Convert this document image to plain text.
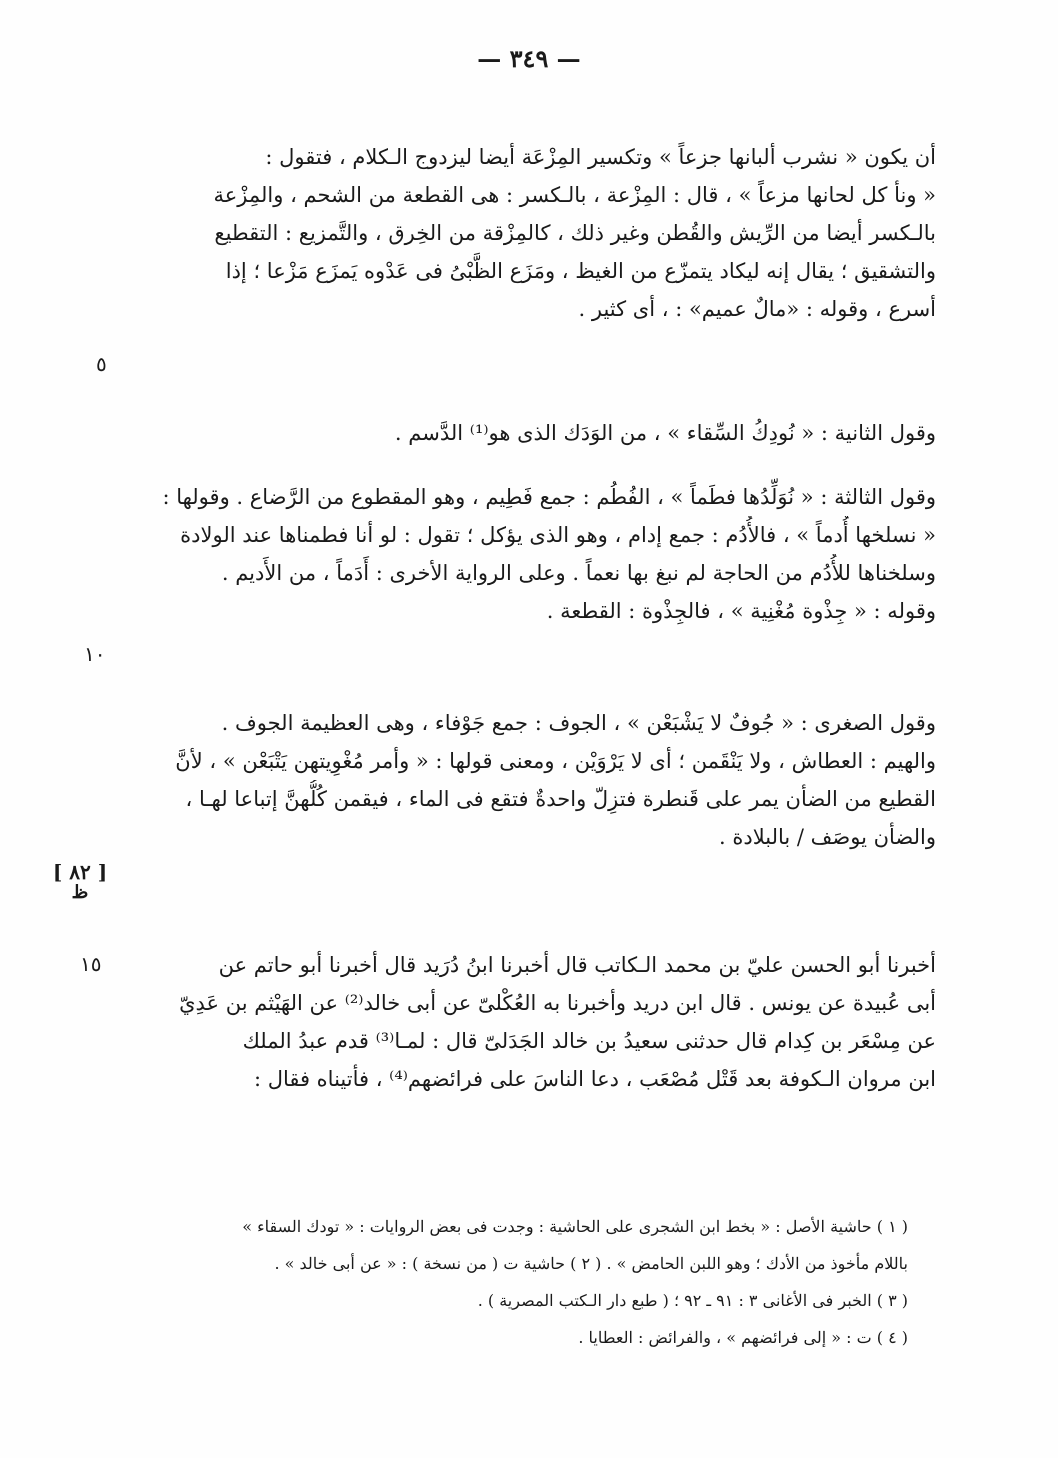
— ٣٤٩ —
أن يكون « نشرب ألبانها جزعاً » وتكسير المِزْعَة أيضا ليزدوج الـكلام ، فتقول :
« ونأ كل لحانها مزعاً » ، قال : المِزْعة ، بالـكسر : هى القطعة من الشحم ، والمِزْعة
بالـكسر أيضا من الرِّيش والقُطن وغير ذلك ، كالمِزْقة من الخِرق ، والتَّمزيع : التقطيع
والتشقيق ؛ يقال إنه ليكاد يتمزّع من الغيظ ، ومَزَع الظَّبْىُ فى عَدْوه يَمزَع مَزْعا ؛ إذا
أسرع ، وقوله : «مالٌ عميم» : ، أى كثير .
وقول الثانية : « نُودِكُ السِّقاء » ، من الوَدَك الذى هو⁽¹⁾ الدَّسم .
وقول الثالثة : « نُوَلِّدُها فطَماً » ، الفُطُم : جمع فَطِيم ، وهو المقطوع من الرَّضاع . وقولها :
« نسلخها أُدماً » ، فالأُدُم : جمع إدام ، وهو الذى يؤكل ؛ تقول : لو أنا فطمناها عند الولادة
وسلخناها للأُدُم من الحاجة لم نبغ بها نعماً . وعلى الرواية الأخرى : أَدَماً ، من الأَديم .
وقوله : « جِذْوة مُغْنِية » ، فالجِذْوة : القطعة .
وقول الصغرى : « جُوفٌ لا يَشْبَعْن » ، الجوف : جمع جَوْفاء ، وهى العظيمة الجوف .
والهيم : العطاش ، ولا يَنْقَمن ؛ أى لا يَرْوَيْن ، ومعنى قولها : « وأمر مُغْوِيتهن يَتْبَعْن » ، لأنَّ
القطيع من الضأن يمر على قَنطرة فتزِلّ واحدةٌ فتقع فى الماء ، فيقمن كُلُّهنَّ إتباعا لهـا ،
والضأن يوصَف / بالبلادة .
أخبرنا أبو الحسن عليّ بن محمد الـكاتب قال أخبرنا ابنُ دُرَيد قال أخبرنا أبو حاتم عن
أبى عُبيدة عن يونس . قال ابن دريد وأخبرنا به العُكْلىّ عن أبى خالد⁽²⁾ عن الهَيْثم بن عَدِيّ
عن مِسْعَر بن كِدام قال حدثنى سعيدُ بن خالد الجَدَلىّ قال : لمـا⁽³⁾ قدم عبدُ الملك
ابن مروان الـكوفة بعد قَتْل مُصْعَب ، دعا الناسَ على فرائضهم⁽⁴⁾ ، فأتيناه فقال :
٥
١٠
١٥
[ ٨٢ ]
ظ
( ١ ) حاشية الأصل : « بخط ابن الشجرى على الحاشية : وجدت فى بعض الروايات : « تودك السقاء »
باللام مأخوذ من الأدك ؛ وهو اللبن الحامض » . ( ٢ ) حاشية ت ( من نسخة ) : « عن أبى خالد » .
( ٣ ) الخبر فى الأغانى ٣ : ٩١ ـ ٩٢ ؛ ( طبع دار الـكتب المصرية ) .
( ٤ ) ت : « إلى فرائضهم » ، والفرائض : العطايا .
